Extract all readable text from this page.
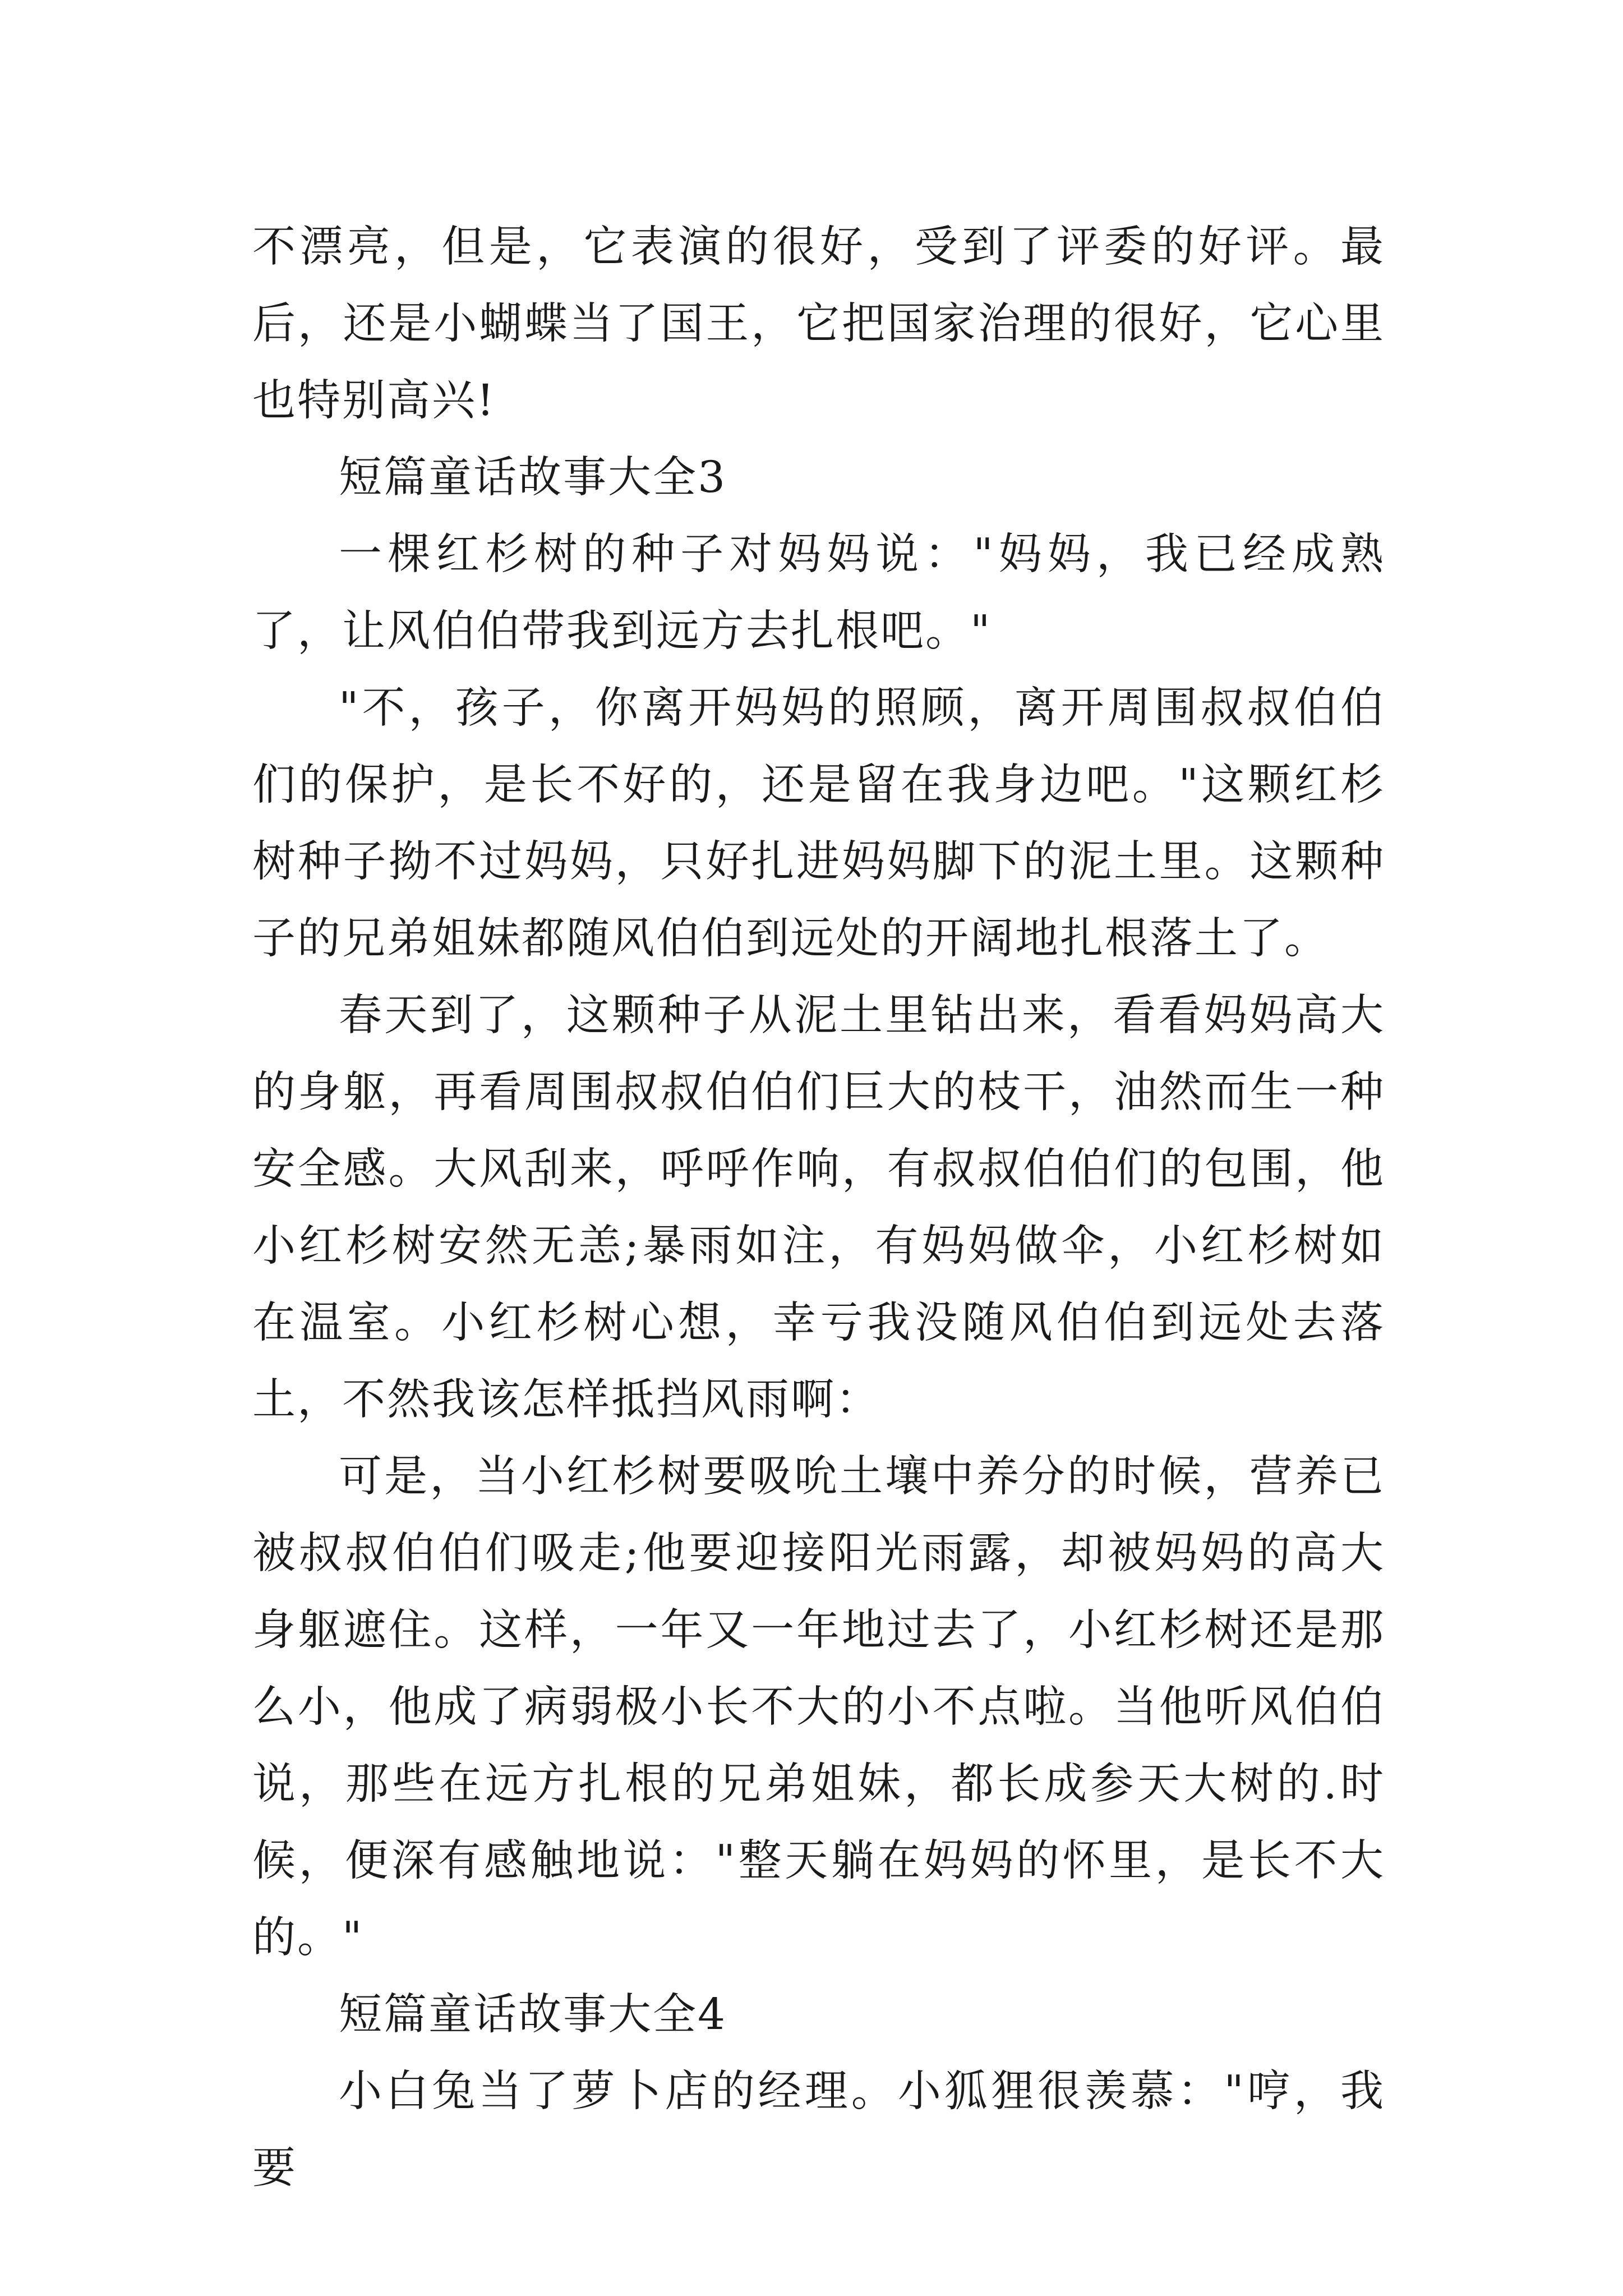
不漂亮，但是，它表演的很好，受到了评委的好评。最后，还是小蝴蝶当了国王，它把国家治理的很好，它心里也特别高兴!

短篇童话故事大全3

一棵红杉树的种子对妈妈说："妈妈，我已经成熟了，让风伯伯带我到远方去扎根吧。"

"不，孩子，你离开妈妈的照顾，离开周围叔叔伯伯们的保护，是长不好的，还是留在我身边吧。"这颗红杉树种子拗不过妈妈，只好扎进妈妈脚下的泥土里。这颗种子的兄弟姐妹都随风伯伯到远处的开阔地扎根落土了。

春天到了，这颗种子从泥土里钻出来，看看妈妈高大的身躯，再看周围叔叔伯伯们巨大的枝干，油然而生一种安全感。大风刮来，呼呼作响，有叔叔伯伯们的包围，他小红杉树安然无恙;暴雨如注，有妈妈做伞，小红杉树如在温室。小红杉树心想，幸亏我没随风伯伯到远处去落土，不然我该怎样抵挡风雨啊：

可是，当小红杉树要吸吮土壤中养分的时候，营养已被叔叔伯伯们吸走;他要迎接阳光雨露，却被妈妈的高大身躯遮住。这样，一年又一年地过去了，小红杉树还是那么小，他成了病弱极小长不大的小不点啦。当他听风伯伯说，那些在远方扎根的兄弟姐妹，都长成参天大树的.时候，便深有感触地说："整天躺在妈妈的怀里，是长不大的。"

短篇童话故事大全4

小白兔当了萝卜店的经理。小狐狸很羡慕："哼，我要
